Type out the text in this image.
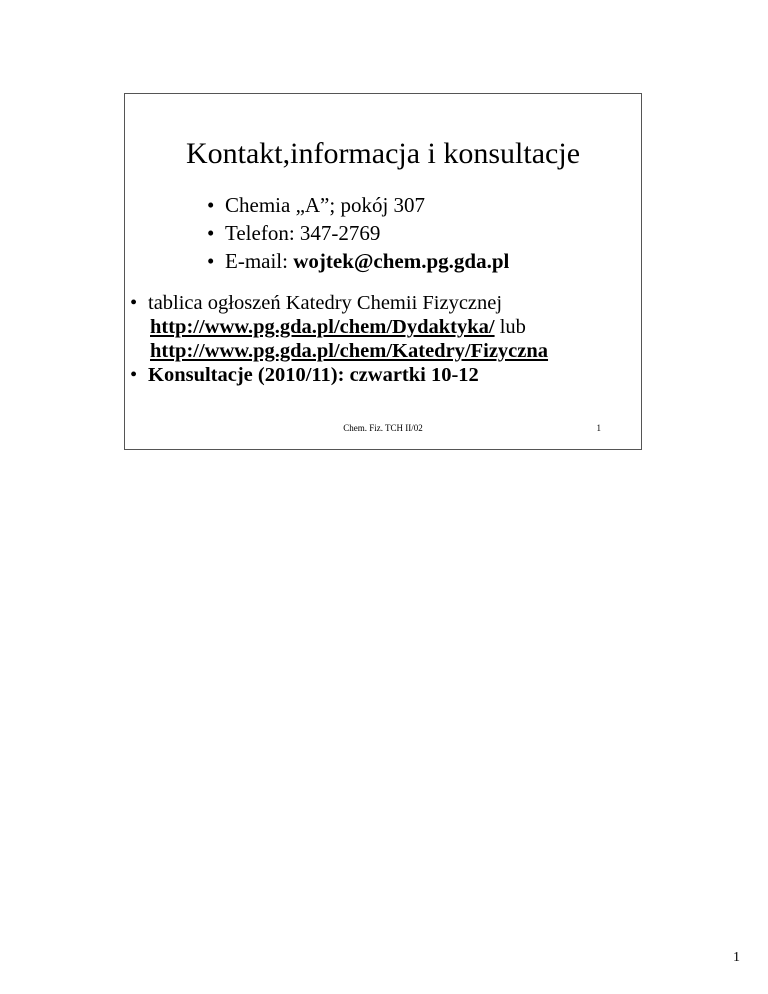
Kontakt,informacja i konsultacje
• Chemia „A”; pokój 307
• Telefon: 347-2769
• E-mail: wojtek@chem.pg.gda.pl
• tablica ogłoszeń Katedry Chemii Fizycznej
http://www.pg.gda.pl/chem/Dydaktyka/ lub
http://www.pg.gda.pl/chem/Katedry/Fizyczna
• Konsultacje (2010/11): czwartki 10-12
Chem. Fiz. TCH II/02	1
1
